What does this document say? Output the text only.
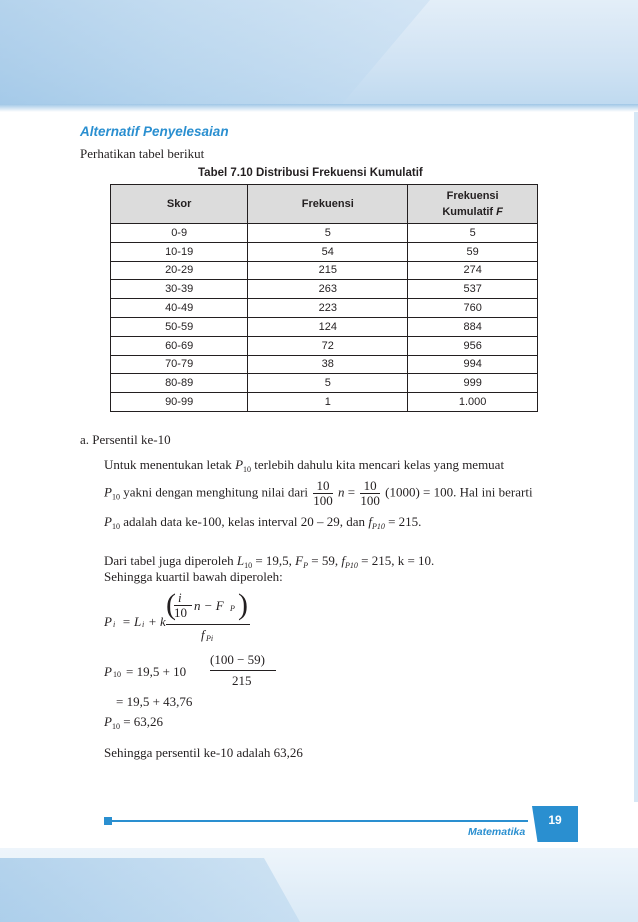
Alternatif Penyelesaian
Perhatikan tabel berikut
Tabel 7.10 Distribusi Frekuensi Kumulatif
Skor	Frekuensi	Frekuensi
Kumulatif F
0-9	5	5
10-19	54	59
20-29	215	274
30-39	263	537
40-49	223	760
50-59	124	884
60-69	72	956
70-79	38	994
80-89	5	999
90-99	1	1.000
a. Persentil ke-10
Untuk menentukan letak $P_{10}$ terlebih dahulu kita mencari kelas yang memuat
$P_{10}$ yakni dengan menghitung nilai dari $\frac{10}{100}$ $n = \frac{10}{100} (1000) = 100$. Hal ini berarti
$P_{10}$ adalah data ke-100, kelas interval 20 – 29, dan $f_{P10} = 215$.
Dari tabel juga diperoleh $L_{10} = 19,5$, $F_P = 59$, $f_{P10} = 215$, k = 10.
Sehingga kuartil bawah diperoleh:
P i = L i + k
( i
10 n − F P )
f Pi
P 10 = 19,5 + 10
(100 − 59)
215
= 19,5 + 43,76
$P_{10} = 63,26$
Sehingga persentil ke-10 adalah 63,26
Matematika
19
